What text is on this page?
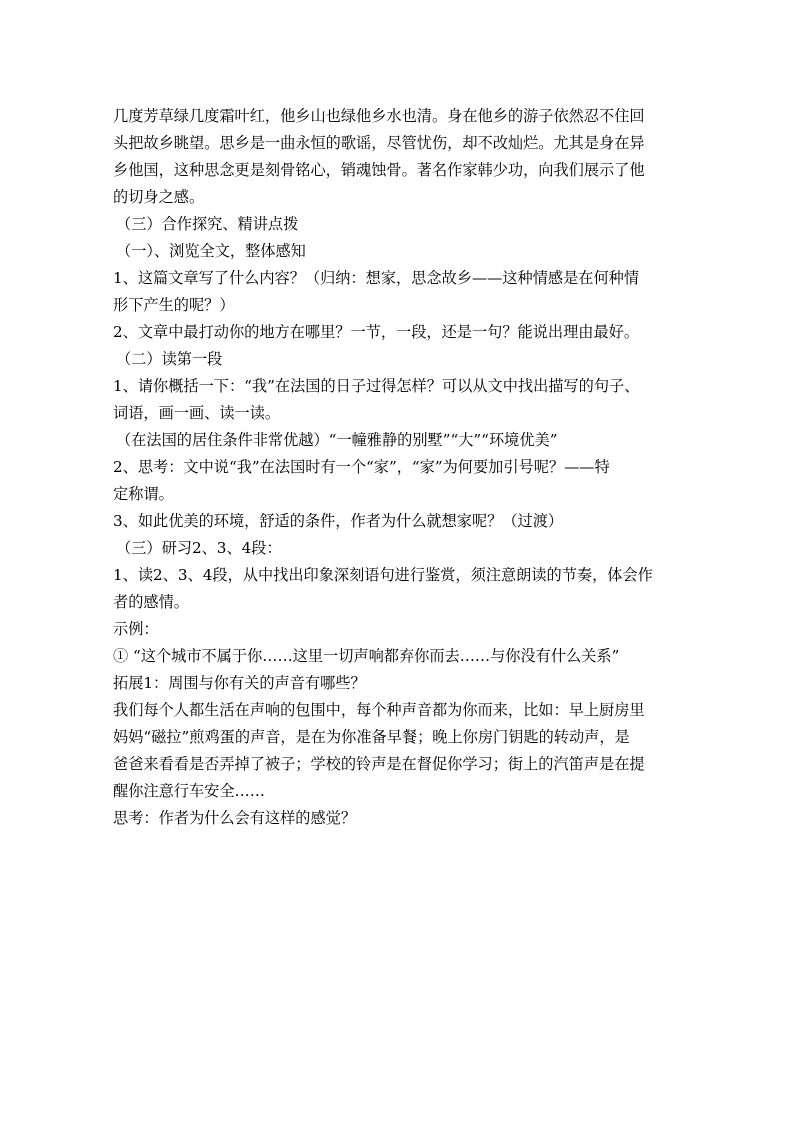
几度芳草绿几度霜叶红，他乡山也绿他乡水也清。身在他乡的游子依然忍不住回
头把故乡眺望。思乡是一曲永恒的歌谣，尽管忧伤，却不改灿烂。尤其是身在异
乡他国，这种思念更是刻骨铭心，销魂蚀骨。著名作家韩少功，向我们展示了他
的切身之感。
（三）合作探究、精讲点拨
（一）、浏览全文，整体感知
1、这篇文章写了什么内容？（归纳：想家，思念故乡——这种情感是在何种情
形下产生的呢？）
2、文章中最打动你的地方在哪里？一节，一段，还是一句？能说出理由最好。
（二）读第一段
1、请你概括一下：“我”在法国的日子过得怎样？可以从文中找出描写的句子、
词语，画一画、读一读。
（在法国的居住条件非常优越）“一幢雅静的别墅”“大”“环境优美”
2、思考：文中说“我”在法国时有一个“家”，“家”为何要加引号呢？——特
定称谓。
3、如此优美的环境，舒适的条件，作者为什么就想家呢？（过渡）
（三）研习2、3、4段：
1、读2、3、4段，从中找出印象深刻语句进行鉴赏，须注意朗读的节奏，体会作
者的感情。
示例：
① “这个城市不属于你……这里一切声响都弃你而去……与你没有什么关系”
拓展1：周围与你有关的声音有哪些？
我们每个人都生活在声响的包围中，每个种声音都为你而来，比如：早上厨房里
妈妈“磁拉”煎鸡蛋的声音，是在为你准备早餐；晚上你房门钥匙的转动声，是
爸爸来看看是否弄掉了被子；学校的铃声是在督促你学习；街上的汽笛声是在提
醒你注意行车安全……
思考：作者为什么会有这样的感觉？
